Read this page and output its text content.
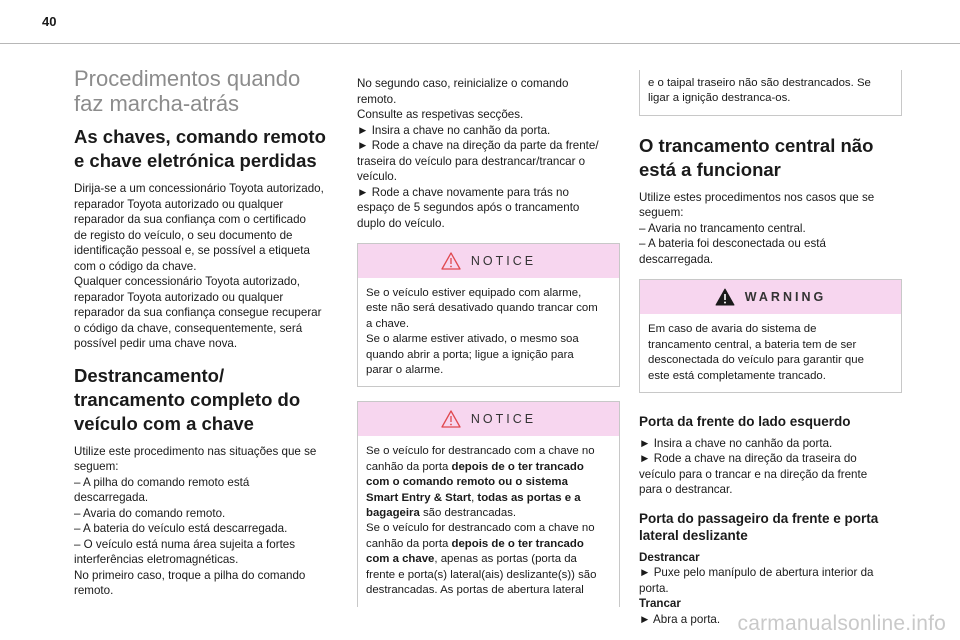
40
Procedimentos quando
faz marcha-atrás
As chaves, comando remoto
e chave eletrónica perdidas

Dirija-se a um concessionário Toyota autorizado,
reparador Toyota autorizado ou qualquer
reparador da sua confiança com o certificado
de registo do veículo, o seu documento de
identificação pessoal e, se possível a etiqueta
com o código da chave.
Qualquer concessionário Toyota autorizado,
reparador Toyota autorizado ou qualquer
reparador da sua confiança consegue recuperar
o código da chave, consequentemente, será
possível pedir uma chave nova.

Destrancamento/
trancamento completo do
veículo com a chave

Utilize este procedimento nas situações que se
seguem:
– A pilha do comando remoto está
descarregada.
– Avaria do comando remoto.
– A bateria do veículo está descarregada.
– O veículo está numa área sujeita a fortes
interferências eletromagnéticas.
No primeiro caso, troque a pilha do comando
remoto.

No segundo caso, reinicialize o comando
remoto.
Consulte as respetivas secções.
► Insira a chave no canhão da porta.
► Rode a chave na direção da parte da frente/
traseira do veículo para destrancar/trancar o
veículo.
► Rode a chave novamente para trás no
espaço de 5 segundos após o trancamento
duplo do veículo.

NOTICE
Se o veículo estiver equipado com alarme,
este não será desativado quando trancar com
a chave.
Se o alarme estiver ativado, o mesmo soa
quando abrir a porta; ligue a ignição para
parar o alarme.
NOTICE
Se o veículo for destrancado com a chave no
canhão da porta depois de o ter trancado
com o comando remoto ou o sistema
Smart Entry & Start, todas as portas e a
bagageira são destrancadas.
Se o veículo for destrancado com a chave no
canhão da porta depois de o ter trancado
com a chave, apenas as portas (porta da
frente e porta(s) lateral(ais) deslizante(s)) são
destrancadas. As portas de abertura lateral
e o taipal traseiro não são destrancados. Se
ligar a ignição destranca-os.
O trancamento central não
está a funcionar

Utilize estes procedimentos nos casos que se
seguem:
– Avaria no trancamento central.
– A bateria foi desconectada ou está
descarregada.

WARNING
Em caso de avaria do sistema de
trancamento central, a bateria tem de ser
desconectada do veículo para garantir que
este está completamente trancado.
Porta da frente do lado esquerdo

► Insira a chave no canhão da porta.
► Rode a chave na direção da traseira do
veículo para o trancar e na direção da frente
para o destrancar.

Porta do passageiro da frente e porta
lateral deslizante

Destrancar

► Puxe pelo manípulo de abertura interior da
porta.

Trancar

► Abra a porta. carmanualsonline.info
